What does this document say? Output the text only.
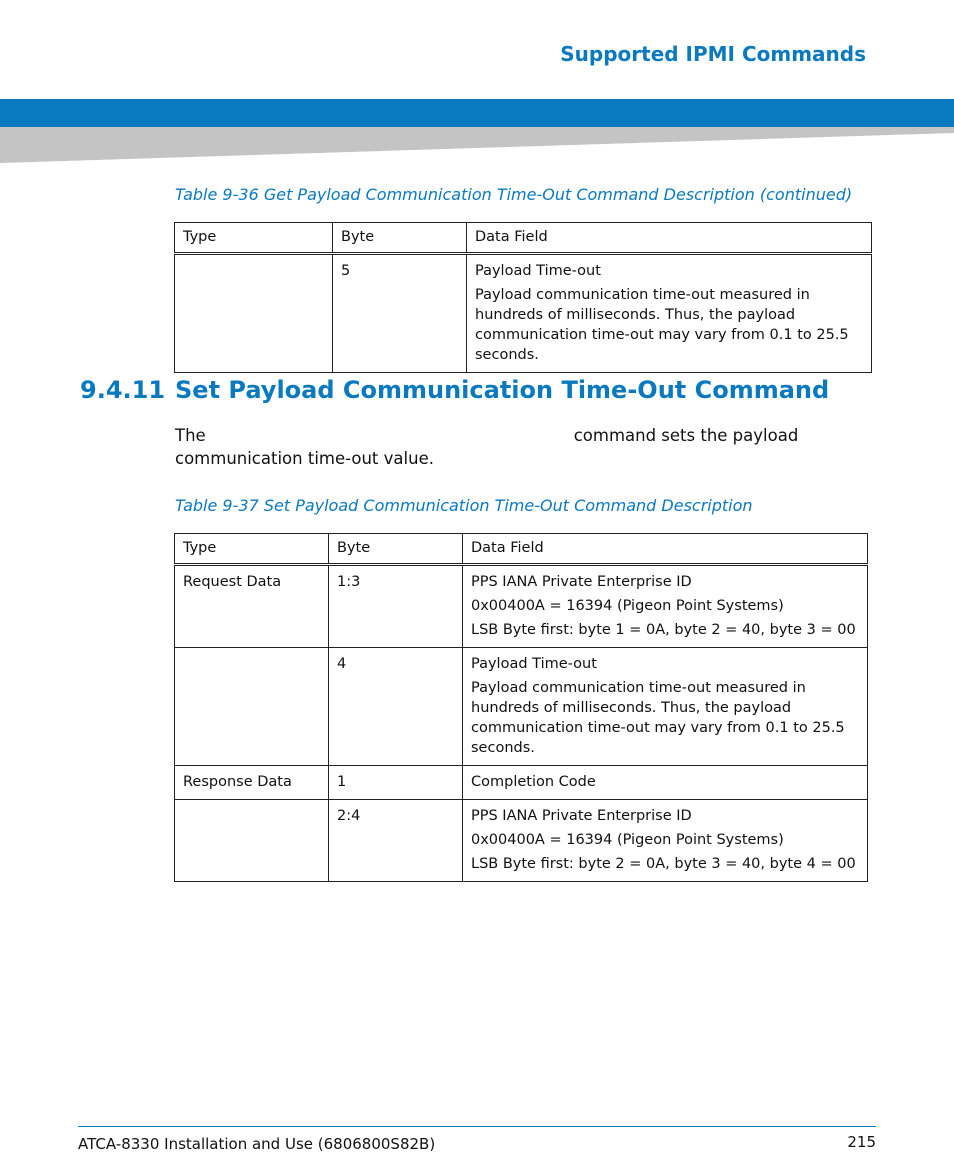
Supported IPMI Commands
Table 9-36 Get Payload Communication Time-Out Command Description (continued)
Type	Byte	Data Field
	5	Payload Time-out

Payload communication time-out measured in hundreds of milliseconds. Thus, the payload communication time-out may vary from 0.1 to 25.5 seconds.

9.4.11 Set Payload Communication Time-Out Command
The	command sets the payload
communication time-out value.
Table 9-37 Set Payload Communication Time-Out Command Description
Type	Byte	Data Field
Request Data	1:3	PPS IANA Private Enterprise ID

0x00400A = 16394 (Pigeon Point Systems)

LSB Byte first: byte 1 = 0A, byte 2 = 40, byte 3 = 00

	4	Payload Time-out

Payload communication time-out measured in hundreds of milliseconds. Thus, the payload communication time-out may vary from 0.1 to 25.5 seconds.

Response Data	1	Completion Code

	2:4	PPS IANA Private Enterprise ID

0x00400A = 16394 (Pigeon Point Systems)

LSB Byte first: byte 2 = 0A, byte 3 = 40, byte 4 = 00

ATCA-8330 Installation and Use (6806800S82B)	215
